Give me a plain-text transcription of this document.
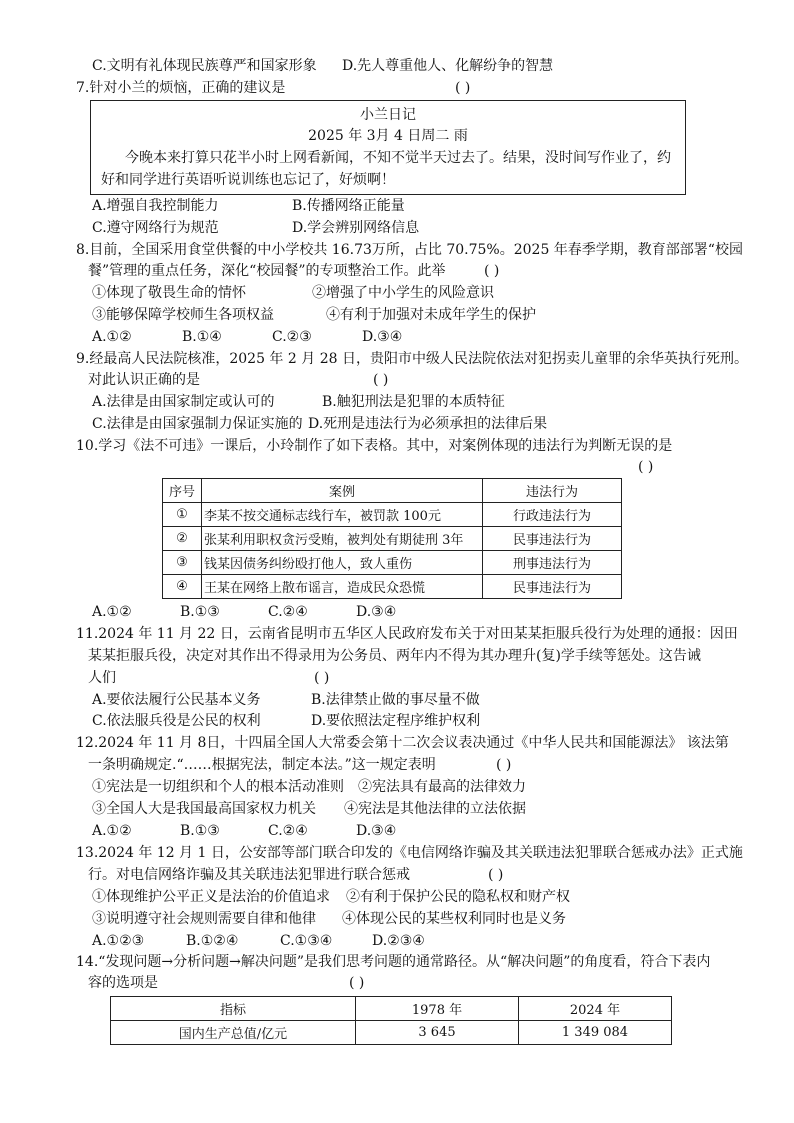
C.文明有礼体现民族尊严和国家形象 D.先人尊重他人、化解纷争的智慧
7.针对小兰的烦恼，正确的建议是	( )
小兰日记
2025 年 3月 4 日周二 雨
今晚本来打算只花半小时上网看新闻，不知不觉半天过去了。结果，没时间写作业了，约
好和同学进行英语听说训练也忘记了，好烦啊！
A.增强自我控制能力	B.传播网络正能量
C.遵守网络行为规范	D.学会辨别网络信息
8.目前，全国采用食堂供餐的中小学校共 16.73万所，占比 70.75%。2025 年春季学期，教育部部署“校园
餐”管理的重点任务，深化“校园餐”的专项整治工作。此举	( )
①体现了敬畏生命的情怀	②增强了中小学生的风险意识
③能够保障学校师生各项权益	④有利于加强对未成年学生的保护
A.①②	B.①④	C.②③	D.③④
9.经最高人民法院核准，2025 年 2 月 28 日，贵阳市中级人民法院依法对犯拐卖儿童罪的余华英执行死刑。
对此认识正确的是	( )
A.法律是由国家制定或认可的	B.触犯刑法是犯罪的本质特征
C.法律是由国家强制力保证实施的 D.死刑是违法行为必须承担的法律后果
10.学习《法不可违》一课后，小玲制作了如下表格。其中，对案例体现的违法行为判断无误的是
( )
序号	案例	违法行为
①	李某不按交通标志线行车，被罚款 100元	行政违法行为
②	张某利用职权贪污受贿，被判处有期徒刑 3年	民事违法行为
③	钱某因债务纠纷殴打他人，致人重伤	刑事违法行为
④	王某在网络上散布谣言，造成民众恐慌	民事违法行为
A.①②	B.①③	C.②④	D.③④
11.2024 年 11 月 22 日，云南省昆明市五华区人民政府发布关于对田某某拒服兵役行为处理的通报：因田
某某拒服兵役，决定对其作出不得录用为公务员、两年内不得为其办理升(复)学手续等惩处。这告诫
人们	( )
A.要依法履行公民基本义务	B.法律禁止做的事尽量不做
C.依法服兵役是公民的权利	D.要依照法定程序维护权利
12.2024 年 11 月 8日，十四届全国人大常委会第十二次会议表决通过《中华人民共和国能源法》 该法第
一条明确规定.“……根据宪法，制定本法。”这一规定表明	( )
①宪法是一切组织和个人的根本活动准则 ②宪法具有最高的法律效力
③全国人大是我国最高国家权力机关 ④宪法是其他法律的立法依据
A.①②	B.①③	C.②④	D.③④
13.2024 年 12 月 1 日，公安部等部门联合印发的《电信网络诈骗及其关联违法犯罪联合惩戒办法》正式施
行。对电信网络诈骗及其关联违法犯罪进行联合惩戒	( )
①体现维护公平正义是法治的价值追求 ②有利于保护公民的隐私权和财产权
③说明遵守社会规则需要自律和他律 ④体现公民的某些权利同时也是义务
A.①②③	B.①②④	C.①③④	D.②③④
14.“发现问题→分析问题→解决问题”是我们思考问题的通常路径。从“解决问题”的角度看，符合下表内
容的选项是	( )
指标	1978 年	2024 年
国内生产总值/亿元	3 645	1 349 084
